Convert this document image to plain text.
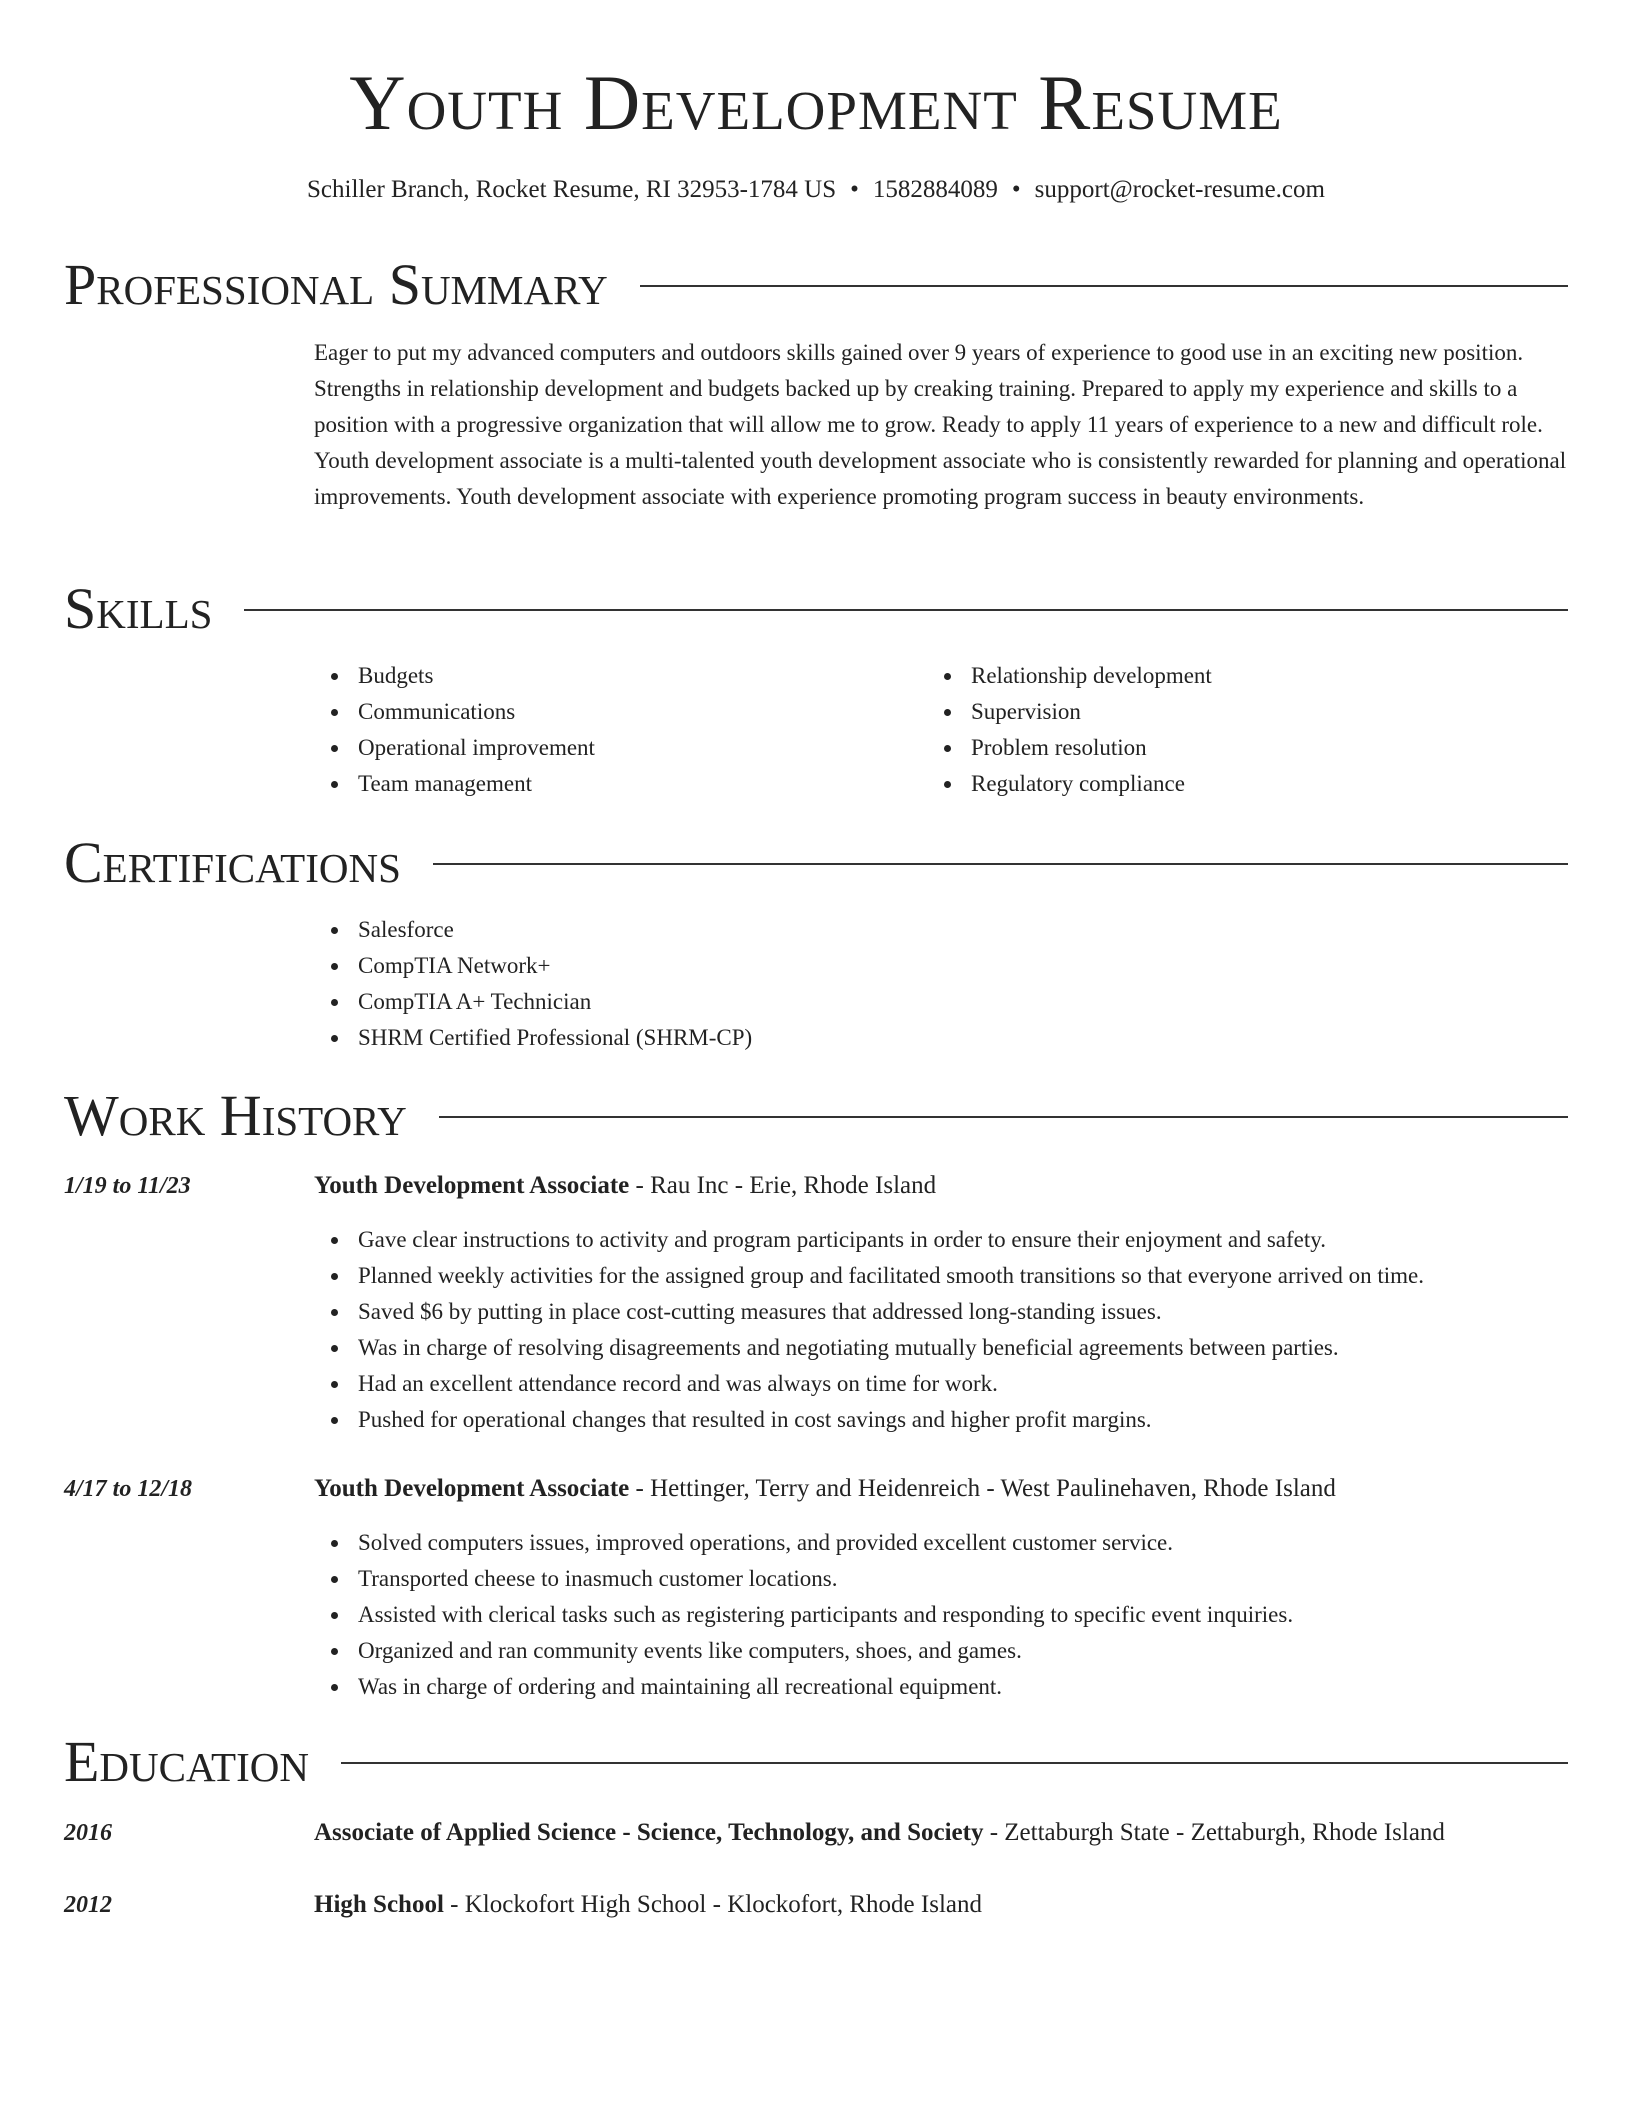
Youth Development Resume
Schiller Branch, Rocket Resume, RI 32953-1784 US • 1582884089 • support@rocket-resume.com
Professional Summary

Eager to put my advanced computers and outdoors skills gained over 9 years of experience to good use in an exciting new position. Strengths in relationship development and budgets backed up by creaking training. Prepared to apply my experience and skills to a position with a progressive organization that will allow me to grow. Ready to apply 11 years of experience to a new and difficult role. Youth development associate is a multi-talented youth development associate who is consistently rewarded for planning and operational improvements. Youth development associate with experience promoting program success in beauty environments.

Skills
Budgets
Communications
Operational improvement
Team management
Relationship development
Supervision
Problem resolution
Regulatory compliance
Certifications
Salesforce
CompTIA Network+
CompTIA A+ Technician
SHRM Certified Professional (SHRM-CP)
Work History
1/19 to 11/23	Youth Development Associate - Rau Inc - Erie, Rhode Island
Gave clear instructions to activity and program participants in order to ensure their enjoyment and safety.
Planned weekly activities for the assigned group and facilitated smooth transitions so that everyone arrived on time.
Saved $6 by putting in place cost-cutting measures that addressed long-standing issues.
Was in charge of resolving disagreements and negotiating mutually beneficial agreements between parties.
Had an excellent attendance record and was always on time for work.
Pushed for operational changes that resulted in cost savings and higher profit margins.
4/17 to 12/18	Youth Development Associate - Hettinger, Terry and Heidenreich - West Paulinehaven, Rhode Island
Solved computers issues, improved operations, and provided excellent customer service.
Transported cheese to inasmuch customer locations.
Assisted with clerical tasks such as registering participants and responding to specific event inquiries.
Organized and ran community events like computers, shoes, and games.
Was in charge of ordering and maintaining all recreational equipment.
Education
2016	Associate of Applied Science - Science, Technology, and Society - Zettaburgh State - Zettaburgh, Rhode Island
2012	High School - Klockofort High School - Klockofort, Rhode Island
